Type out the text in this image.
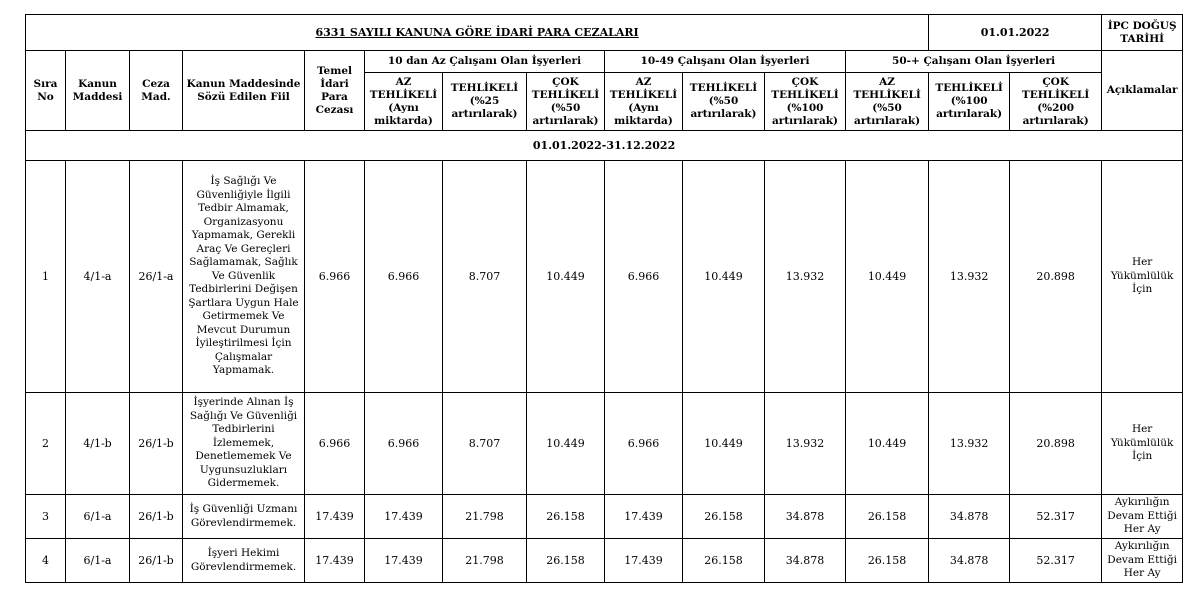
6331 SAYILI KANUNA GÖRE İDARİ PARA CEZALARI												01.01.2022		İPC DOĞUŞ TARİHİ
Sıra No	Kanun Maddesi	Ceza Mad.	Kanun Maddesinde Sözü Edilen Fiil	Temel İdari Para Cezası	10 dan Az Çalışanı Olan İşyerleri			10-49 Çalışanı Olan İşyerleri			50-+ Çalışanı Olan İşyerleri			Açıklamalar
					AZ TEHLİKELİ (Aynı miktarda)	TEHLİKELİ (%25 artırılarak)	ÇOK TEHLİKELİ (%50 artırılarak)	AZ TEHLİKELİ (Aynı miktarda)	TEHLİKELİ (%50 artırılarak)	ÇOK TEHLİKELİ (%100 artırılarak)	AZ TEHLİKELİ (%50 artırılarak)	TEHLİKELİ (%100 artırılarak)	ÇOK TEHLİKELİ (%200 artırılarak)	
01.01.2022-31.12.2022														
1	4/1-a	26/1-a	İş Sağlığı Ve Güvenliğiyle İlgili Tedbir Almamak, Organizasyonu Yapmamak, Gerekli Araç Ve Gereçleri Sağlamamak, Sağlık Ve Güvenlik Tedbirlerini Değişen Şartlara Uygun Hale Getirmemek Ve Mevcut Durumun İyileştirilmesi İçin Çalışmalar Yapmamak.	6.966	6.966	8.707	10.449	6.966	10.449	13.932	10.449	13.932	20.898	Her Yükümlülük İçin
2	4/1-b	26/1-b	İşyerinde Alınan İş Sağlığı Ve Güvenliği Tedbirlerini İzlememek, Denetlememek Ve Uygunsuzlukları Gidermemek.	6.966	6.966	8.707	10.449	6.966	10.449	13.932	10.449	13.932	20.898	Her Yükümlülük İçin
3	6/1-a	26/1-b	İş Güvenliği Uzmanı Görevlendirmemek.	17.439	17.439	21.798	26.158	17.439	26.158	34.878	26.158	34.878	52.317	Aykırılığın Devam Ettiği Her Ay
4	6/1-a	26/1-b	İşyeri Hekimi Görevlendirmemek.	17.439	17.439	21.798	26.158	17.439	26.158	34.878	26.158	34.878	52.317	Aykırılığın Devam Ettiği Her Ay
